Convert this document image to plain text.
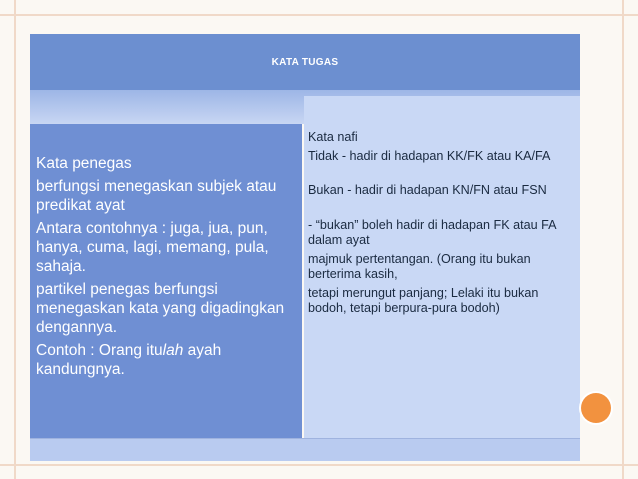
KATA TUGAS

Kata penegas

berfungsi menegaskan subjek atau predikat ayat

Antara contohnya : juga, jua, pun, hanya, cuma, lagi, memang, pula, sahaja.

partikel penegas berfungsi menegaskan kata yang digadingkan dengannya.

Contoh : Orang itulah ayah kandungnya.

Kata nafi

Tidak - hadir di hadapan KK/FK atau KA/FA

Bukan - hadir di hadapan KN/FN atau FSN

- “bukan” boleh hadir di hadapan FK atau FA dalam ayat

majmuk pertentangan. (Orang itu bukan berterima kasih,

tetapi merungut panjang; Lelaki itu bukan bodoh, tetapi berpura-pura bodoh)
